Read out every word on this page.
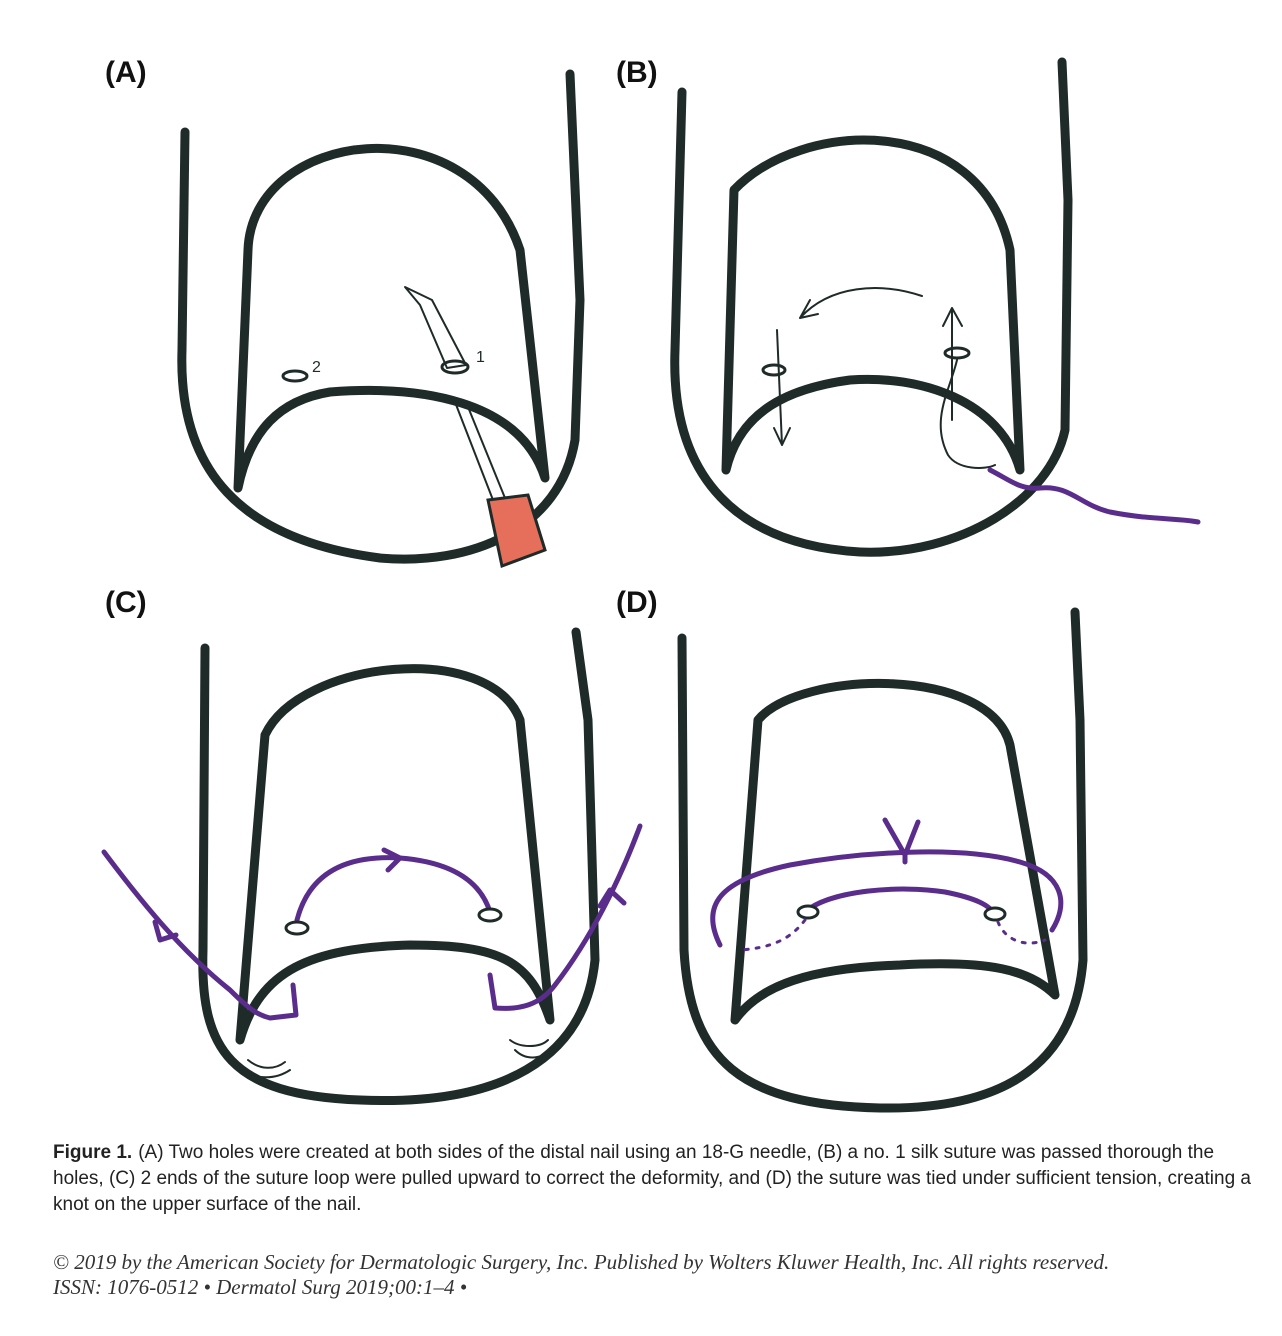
2
1
(A)	(B)
(C)	(D)
Figure 1. (A) Two holes were created at both sides of the distal nail using an 18-G needle, (B) a no. 1 silk suture was passed thorough the holes, (C) 2 ends of the suture loop were pulled upward to correct the deformity, and (D) the suture was tied under sufficient tension, creating a knot on the upper surface of the nail.
© 2019 by the American Society for Dermatologic Surgery, Inc. Published by Wolters Kluwer Health, Inc. All rights reserved.
ISSN: 1076-0512 • Dermatol Surg 2019;00:1–4 •
